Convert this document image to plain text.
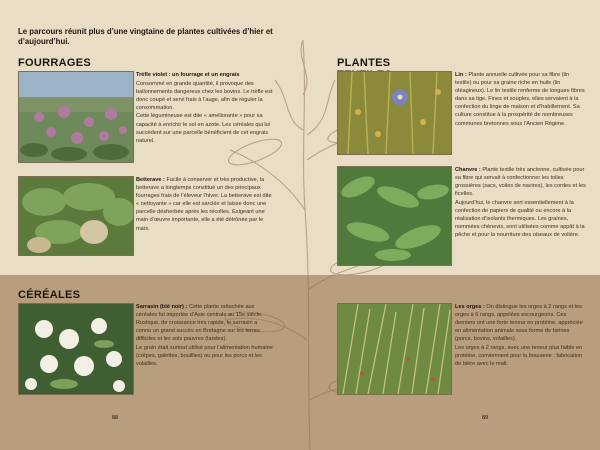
Le parcours réunit plus d’une vingtaine de plantes cultivées d’hier et d’aujourd’hui.
FOURRAGES

Trèfle violet : un fourrage et un engrais

Consommé en grande quantité, il provoque des ballonnements dangereux chez les bovins. Le trèfle est donc coupé et servi frais à l’auge, afin de réguler la consommation.

Cette légumineuse est dite « améliorante » pour sa capacité à enrichir le sol en azote. Les céréales qui lui succèdent sur une parcelle bénéficient de cet engrais naturel.

Betterave : Facile à conserver et très productive, la betterave a longtemps constitué un des principaux fourrages frais de l’éleveur l’hiver. La betterave est dite « nettoyante » car elle est sarclée et laisse donc une parcelle désherbée après les récoltes. Exigeant une main d’œuvre importante, elle a été détrônée par le maïs.

PLANTES

Lin : Plante annuelle cultivée pour sa fibre (lin textile) ou pour sa graine riche en huile (lin oléagineux). Le lin textile renferme de longues fibres dans sa tige. Fines et souples, elles servaient à la confection du linge de maison et d’habillement. Sa culture constitue à la prospérité de nombreuses communes bretonnes sous l’Ancien Régime.

Chanvre : Plante textile très ancienne, cultivée pour sa fibre qui servait à confectionner les toiles grossières (sacs, voiles de navires), les cordes et les ficelles.

Aujourd’hui, le chanvre sert essentiellement à la confection de papiers de qualité ou encore à la réalisation d’isolants thermiques. Les graines, nommées chènevis, sont utilisées comme appât à la pêche et pour la nourriture des oiseaux de volière.

CÉRÉALES

Sarrasin (blé noir) : Cette plante rattachée aux céréales fut importée d’Asie centrale au 15e siècle. Rustique, de croissance très rapide, le sarrasin a connu un grand succès en Bretagne sur les terres difficiles et les sols pauvres (landes).

Le grain était surtout utilisé pour l’alimentation humaine (crêpes, galettes, bouillies) ou pour les porcs et les volailles.

Les orges : On distingue les orges à 2 rangs et les orges à 6 rangs, appelées escourgeons. Ces derniers ont une forte teneur en protéine, appréciée en alimentation animale sous forme de farines (porcs, bovins, volailles).

Les orges à 2 rangs, avec une teneur plus faible en protéine, conviennent pour la brasserie : fabrication de bière avec le malt.

88	89
